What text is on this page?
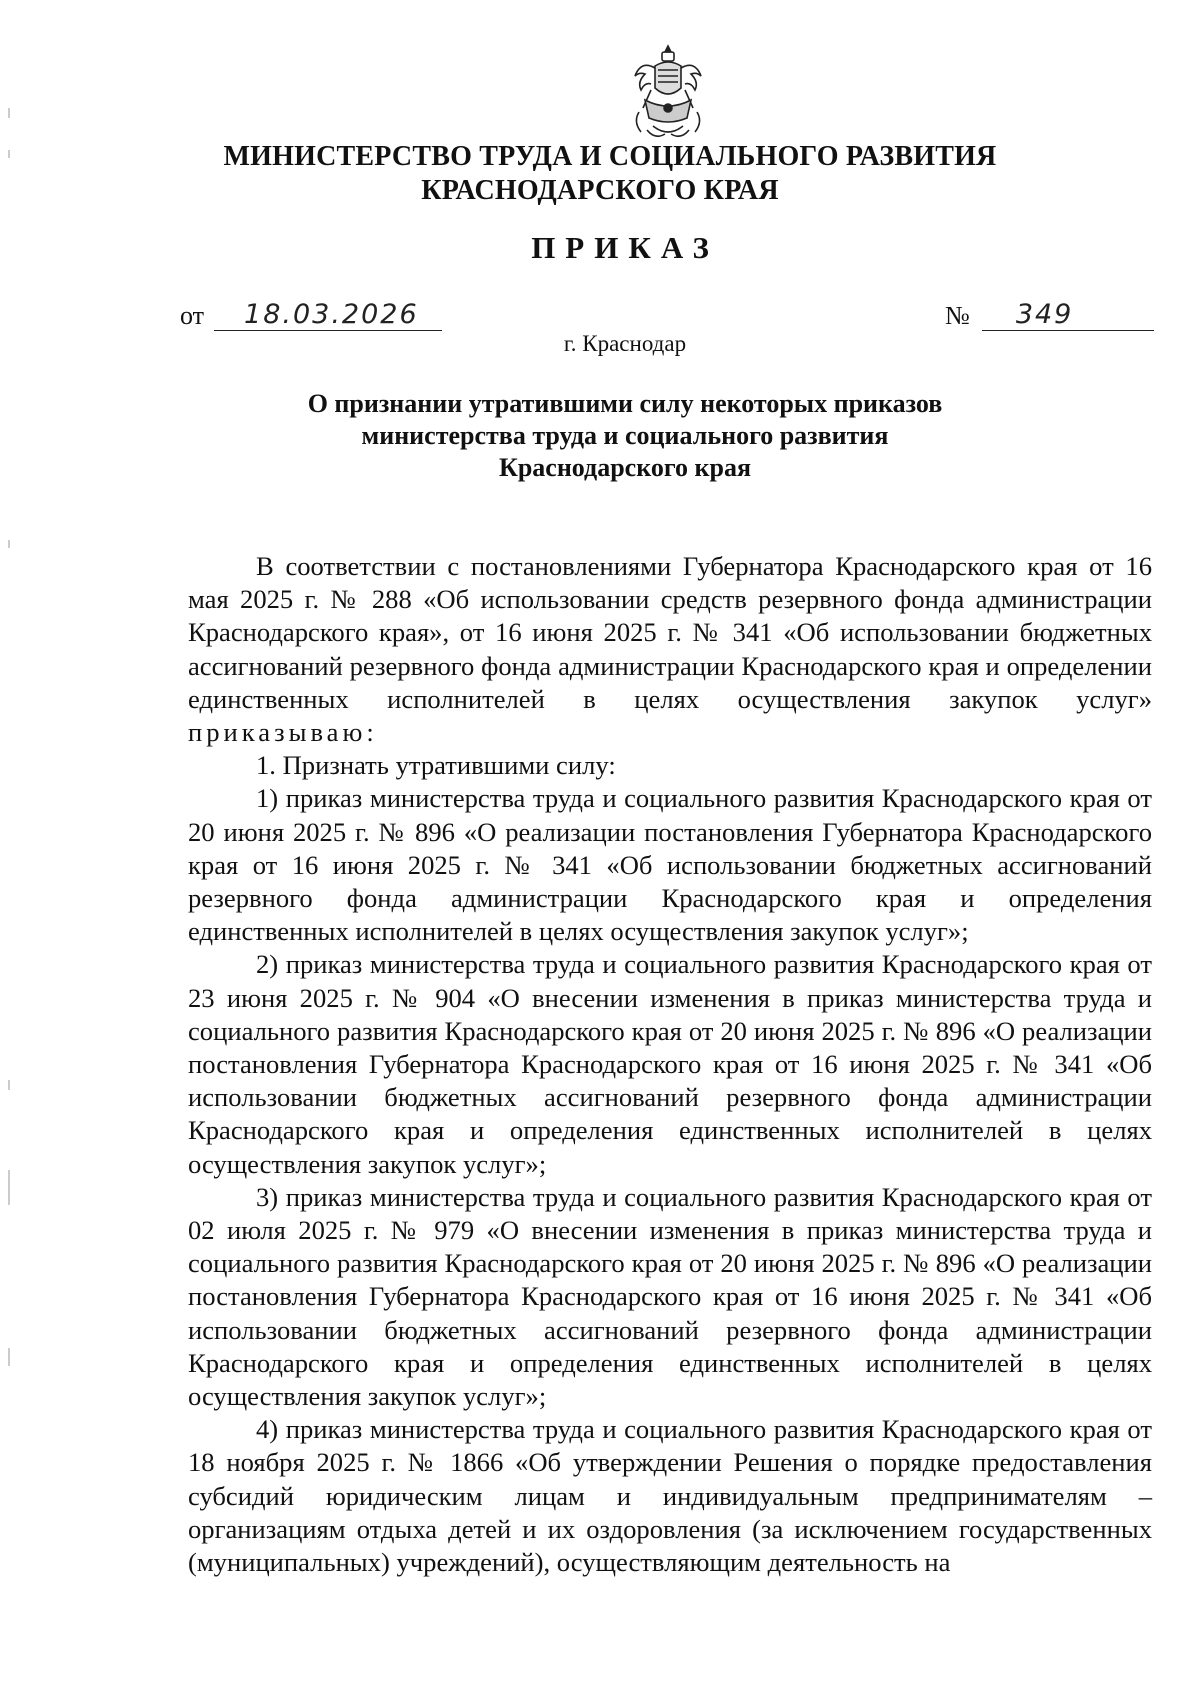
МИНИСТЕРСТВО ТРУДА И СОЦИАЛЬНОГО РАЗВИТИЯ
КРАСНОДАРСКОГО КРАЯ
ПРИКАЗ
от	18.03.2026	№	349
г. Краснодар
О признании утратившими силу некоторых приказов
министерства труда и социального развития
Краснодарского края

В соответствии с постановлениями Губернатора Краснодарского края от 16 мая 2025 г. № 288 «Об использовании средств резервного фонда администрации Краснодарского края», от 16 июня 2025 г. № 341 «Об использовании бюджетных ассигнований резервного фонда администрации Краснодарского края и определении единственных исполнителей в целях осуществления закупок услуг» приказываю:

1. Признать утратившими силу:

1) приказ министерства труда и социального развития Краснодарского края от 20 июня 2025 г. № 896 «О реализации постановления Губернатора Краснодарского края от 16 июня 2025 г. № 341 «Об использовании бюджетных ассигнований резервного фонда администрации Краснодарского края и определения единственных исполнителей в целях осуществления закупок услуг»;

2) приказ министерства труда и социального развития Краснодарского края от 23 июня 2025 г. № 904 «О внесении изменения в приказ министерства труда и социального развития Краснодарского края от 20 июня 2025 г. № 896 «О реализации постановления Губернатора Краснодарского края от 16 июня 2025 г. № 341 «Об использовании бюджетных ассигнований резервного фонда администрации Краснодарского края и определения единственных исполнителей в целях осуществления закупок услуг»;

3) приказ министерства труда и социального развития Краснодарского края от 02 июля 2025 г. № 979 «О внесении изменения в приказ министерства труда и социального развития Краснодарского края от 20 июня 2025 г. № 896 «О реализации постановления Губернатора Краснодарского края от 16 июня 2025 г. № 341 «Об использовании бюджетных ассигнований резервного фонда администрации Краснодарского края и определения единственных исполнителей в целях осуществления закупок услуг»;

4) приказ министерства труда и социального развития Краснодарского края от 18 ноября 2025 г. № 1866 «Об утверждении Решения о порядке предоставления субсидий юридическим лицам и индивидуальным предпринимателям – организациям отдыха детей и их оздоровления (за исключением государственных (муниципальных) учреждений), осуществляющим деятельность на
